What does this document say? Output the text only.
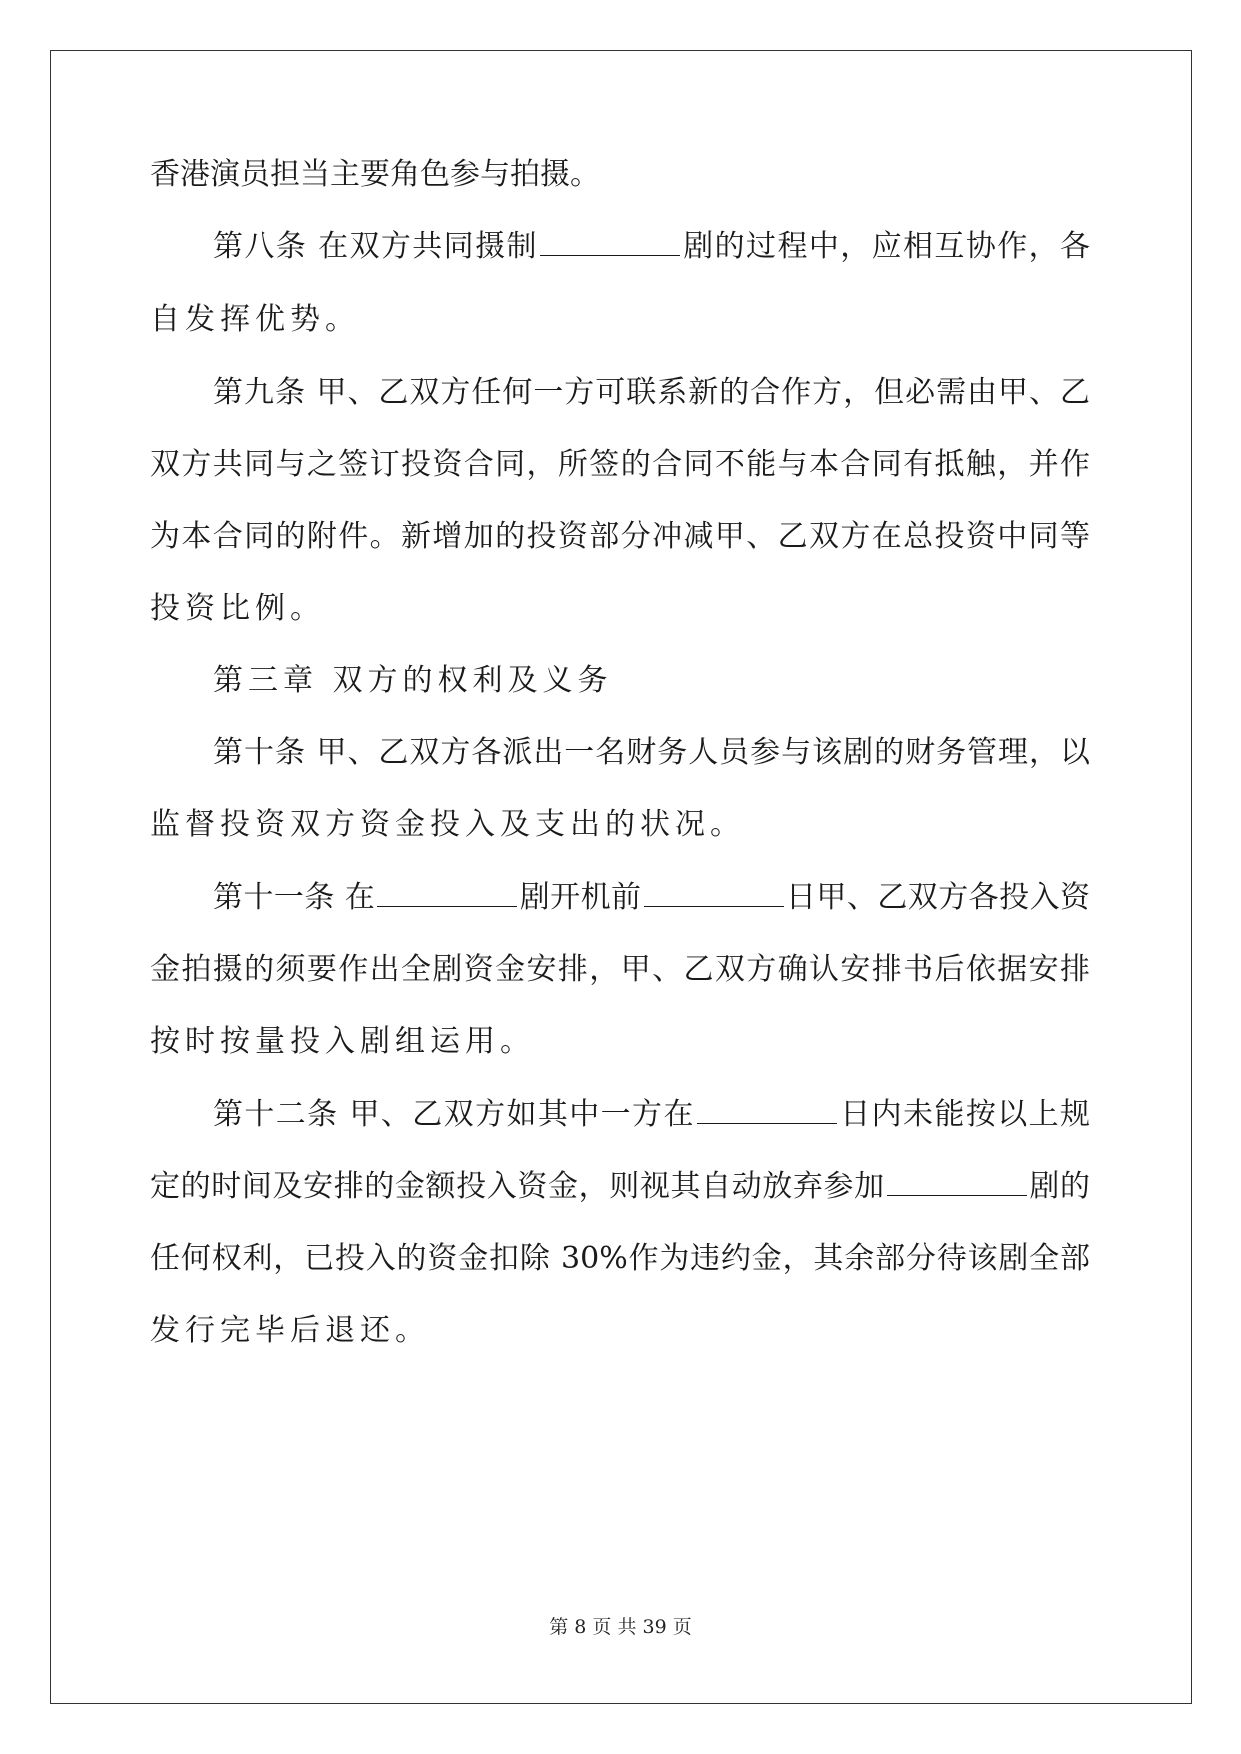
香港演员担当主要角色参与拍摄。
第八条 在双方共同摄制	剧的过程中，应相互协作，各
自发挥优势。
第九条 甲、乙双方任何一方可联系新的合作方，但必需由甲、乙
双方共同与之签订投资合同，所签的合同不能与本合同有抵触，并作
为本合同的附件。新增加的投资部分冲减甲、乙双方在总投资中同等
投资比例。
第三章 双方的权利及义务
第十条 甲、乙双方各派出一名财务人员参与该剧的财务管理，以
监督投资双方资金投入及支出的状况。
第十一条 在	剧开机前	日甲、乙双方各投入资
金拍摄的须要作出全剧资金安排，甲、乙双方确认安排书后依据安排
按时按量投入剧组运用。
第十二条 甲、乙双方如其中一方在	日内未能按以上规
定的时间及安排的金额投入资金，则视其自动放弃参加	剧的
任何权利，已投入的资金扣除 30%作为违约金，其余部分待该剧全部
发行完毕后退还。
第 8 页 共 39 页
